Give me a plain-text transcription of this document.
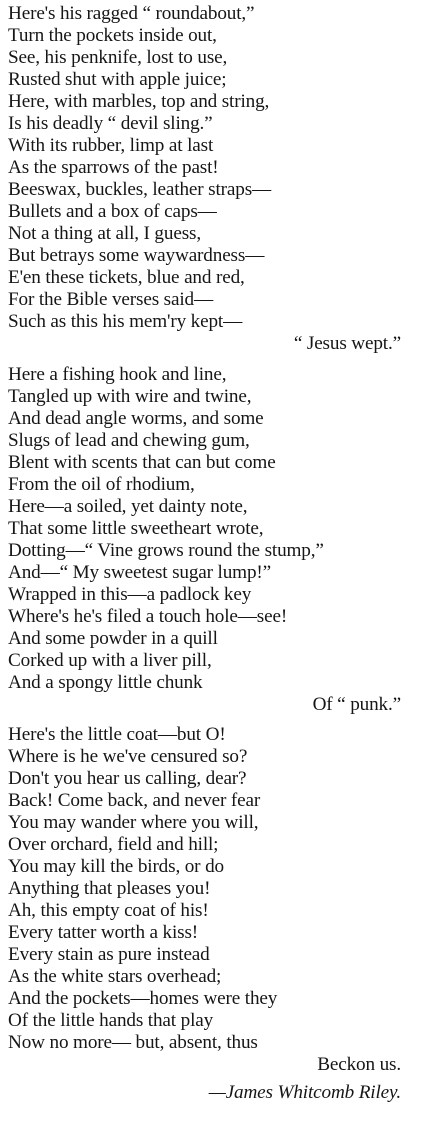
Here's his ragged “ roundabout,”

Turn the pockets inside out,

See, his penknife, lost to use,

Rusted shut with apple juice;

Here, with marbles, top and string,

Is his deadly “ devil sling.”

With its rubber, limp at last

As the sparrows of the past!

Beeswax, buckles, leather straps—

Bullets and a box of caps—

Not a thing at all, I guess,

But betrays some waywardness—

E'en these tickets, blue and red,

For the Bible verses said—

Such as this his mem'ry kept—

“ Jesus wept.”

Here a fishing hook and line,

Tangled up with wire and twine,

And dead angle worms, and some

Slugs of lead and chewing gum,

Blent with scents that can but come

From the oil of rhodium,

Here—a soiled, yet dainty note,

That some little sweetheart wrote,

Dotting—“ Vine grows round the stump,”

And—“ My sweetest sugar lump!”

Wrapped in this—a padlock key

Where's he's filed a touch hole—see!

And some powder in a quill

Corked up with a liver pill,

And a spongy little chunk

Of “ punk.”

Here's the little coat—but O!

Where is he we've censured so?

Don't you hear us calling, dear?

Back! Come back, and never fear

You may wander where you will,

Over orchard, field and hill;

You may kill the birds, or do

Anything that pleases you!

Ah, this empty coat of his!

Every tatter worth a kiss!

Every stain as pure instead

As the white stars overhead;

And the pockets—homes were they

Of the little hands that play

Now no more— but, absent, thus

Beckon us.

—James Whitcomb Riley.
